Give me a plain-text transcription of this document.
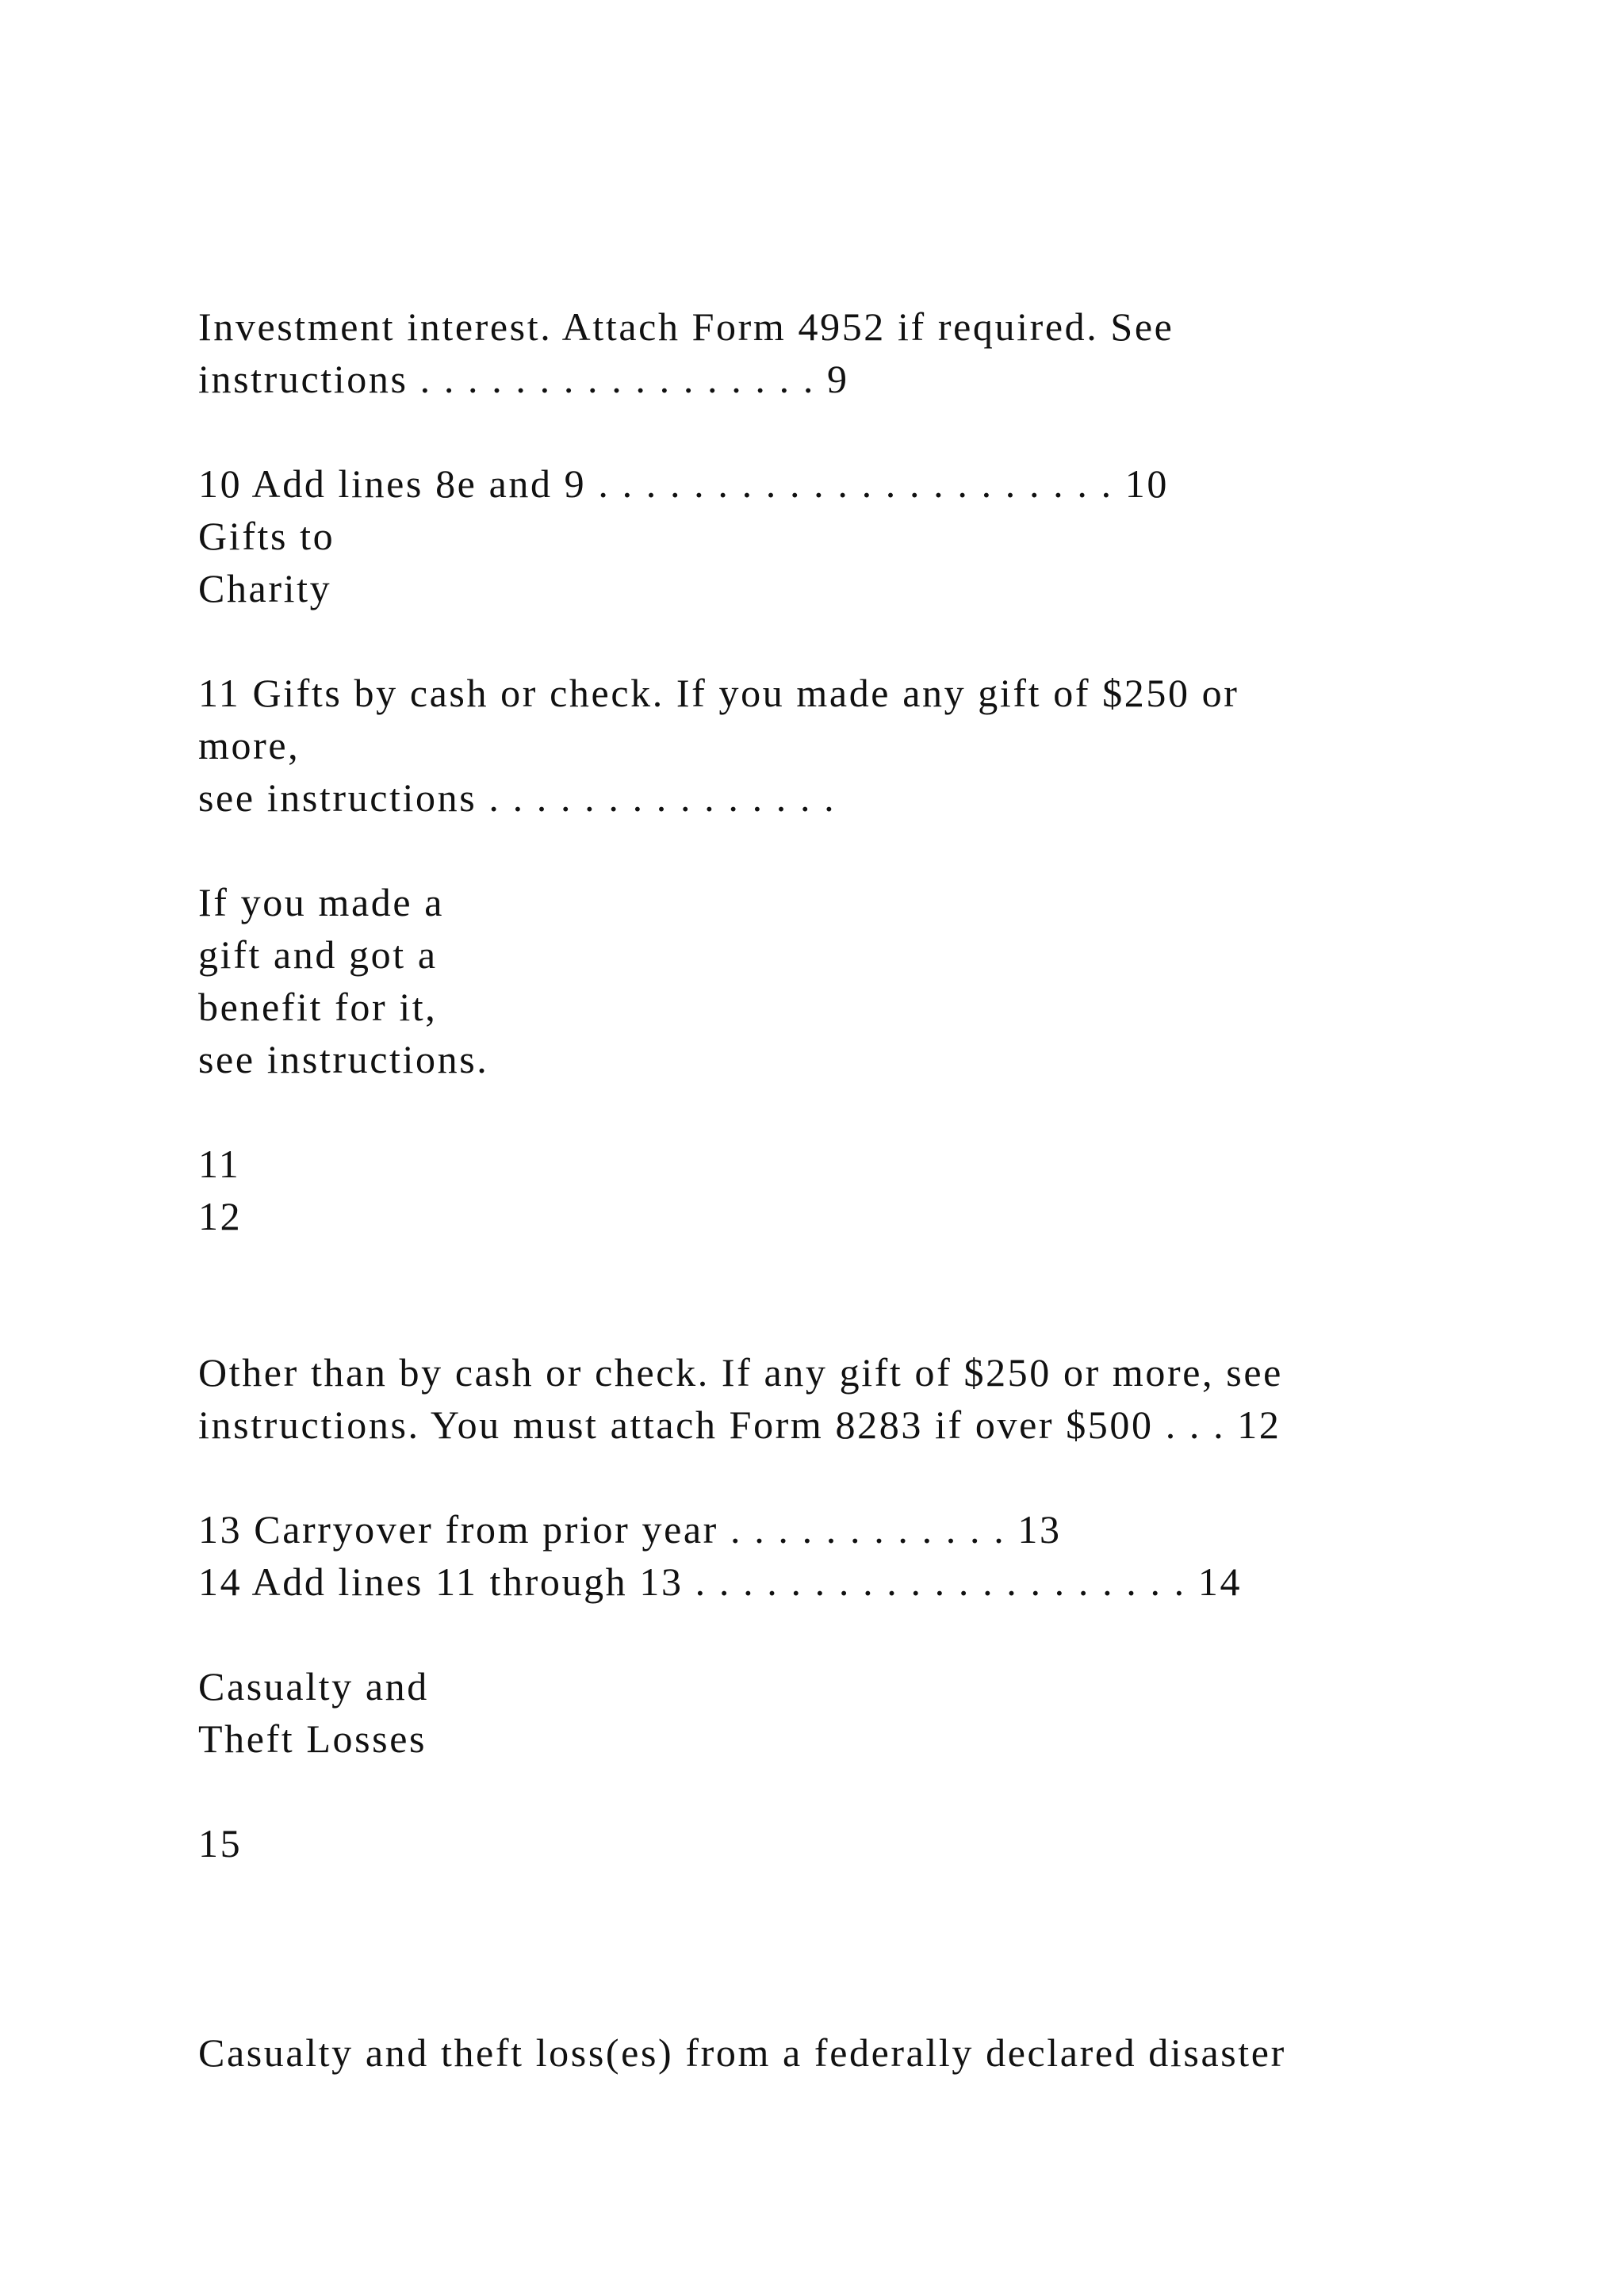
Investment interest. Attach Form 4952 if required. See

instructions . . . . . . . . . . . . . . . . . 9

10 Add lines 8e and 9 . . . . . . . . . . . . . . . . . . . . . . 10

Gifts to

Charity

11 Gifts by cash or check. If you made any gift of $250 or

more,

see instructions . . . . . . . . . . . . . . .

If you made a

gift and got a

benefit for it,

see instructions.

11

12

Other than by cash or check. If any gift of $250 or more, see

instructions. You must attach Form 8283 if over $500 . . . 12

13 Carryover from prior year . . . . . . . . . . . . 13

14 Add lines 11 through 13 . . . . . . . . . . . . . . . . . . . . . 14

Casualty and

Theft Losses

15

Casualty and theft loss(es) from a federally declared disaster
